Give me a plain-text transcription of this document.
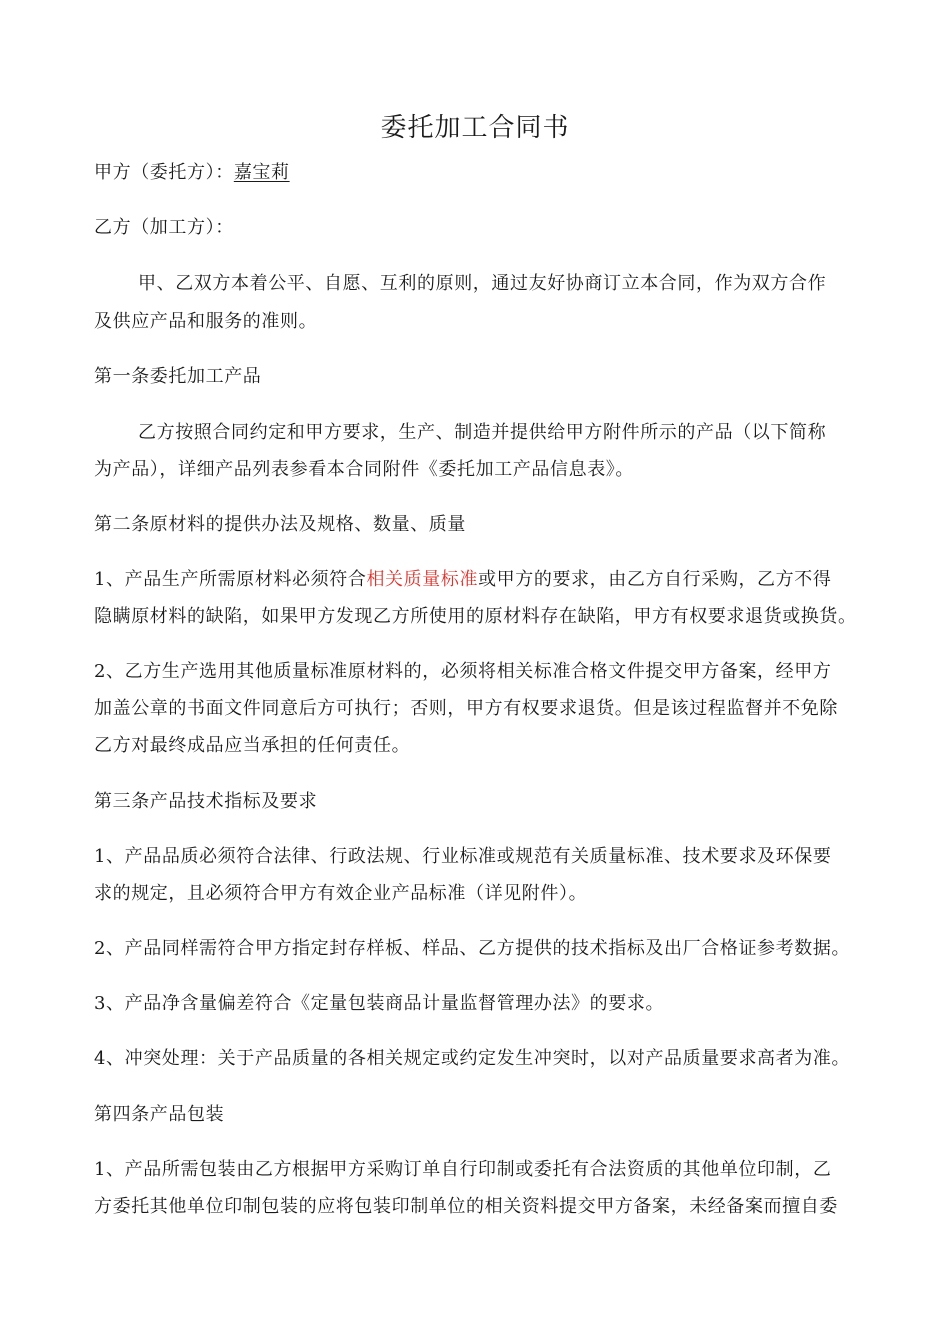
委托加工合同书
甲方（委托方）：嘉宝莉
乙方（加工方）：
甲、乙双方本着公平、自愿、互利的原则，通过友好协商订立本合同，作为双方合作
及供应产品和服务的准则。
第一条委托加工产品
乙方按照合同约定和甲方要求，生产、制造并提供给甲方附件所示的产品（以下简称
为产品），详细产品列表参看本合同附件《委托加工产品信息表》。
第二条原材料的提供办法及规格、数量、质量
1、产品生产所需原材料必须符合相关质量标准或甲方的要求，由乙方自行采购，乙方不得
隐瞒原材料的缺陷，如果甲方发现乙方所使用的原材料存在缺陷，甲方有权要求退货或换货。
2、乙方生产选用其他质量标准原材料的，必须将相关标准合格文件提交甲方备案，经甲方
加盖公章的书面文件同意后方可执行；否则，甲方有权要求退货。但是该过程监督并不免除
乙方对最终成品应当承担的任何责任。
第三条产品技术指标及要求
1、产品品质必须符合法律、行政法规、行业标准或规范有关质量标准、技术要求及环保要
求的规定，且必须符合甲方有效企业产品标准（详见附件）。
2、产品同样需符合甲方指定封存样板、样品、乙方提供的技术指标及出厂合格证参考数据。
3、产品净含量偏差符合《定量包装商品计量监督管理办法》的要求。
4、冲突处理：关于产品质量的各相关规定或约定发生冲突时，以对产品质量要求高者为准。
第四条产品包装
1、产品所需包装由乙方根据甲方采购订单自行印制或委托有合法资质的其他单位印制，乙
方委托其他单位印制包装的应将包装印制单位的相关资料提交甲方备案，未经备案而擅自委
